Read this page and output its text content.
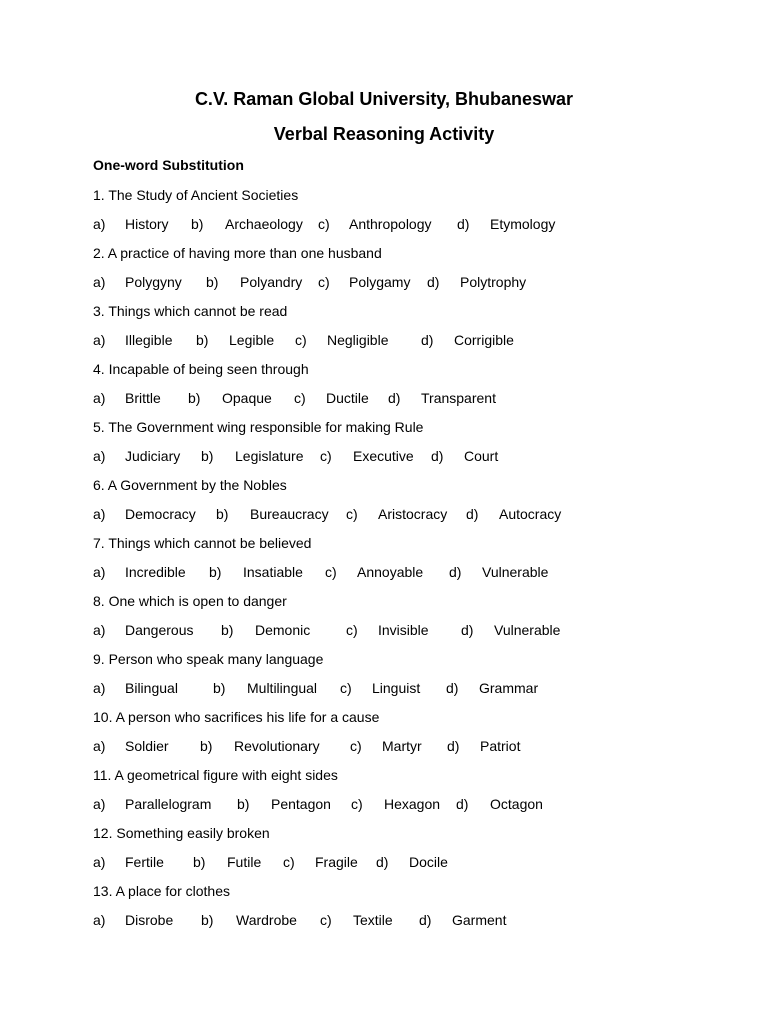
C.V. Raman Global University, Bhubaneswar
Verbal Reasoning Activity
One-word Substitution
1. The Study of Ancient Societies
a) History b) Archaeology c) Anthropology d) Etymology
2. A practice of having more than one husband
a) Polygyny b) Polyandry c) Polygamy d) Polytrophy
3. Things which cannot be read
a) Illegible b) Legible c) Negligible d) Corrigible
4. Incapable of being seen through
a) Brittle b) Opaque c) Ductile d) Transparent
5. The Government wing responsible for making Rule
a) Judiciary b) Legislature c) Executive d) Court
6. A Government by the Nobles
a) Democracy b) Bureaucracy c) Aristocracy d) Autocracy
7. Things which cannot be believed
a) Incredible b) Insatiable c) Annoyable d) Vulnerable
8. One which is open to danger
a) Dangerous b) Demonic	c) Invisible d) Vulnerable
9. Person who speak many language
a) Bilingual	b) Multilingual c) Linguist d) Grammar
10. A person who sacrifices his life for a cause
a) Soldier b) Revolutionary c) Martyr d) Patriot
11. A geometrical figure with eight sides
a) Parallelogram b) Pentagon c) Hexagon d) Octagon
12. Something easily broken
a) Fertile b) Futile c) Fragile d) Docile
13. A place for clothes
a) Disrobe b) Wardrobe c) Textile d) Garment
